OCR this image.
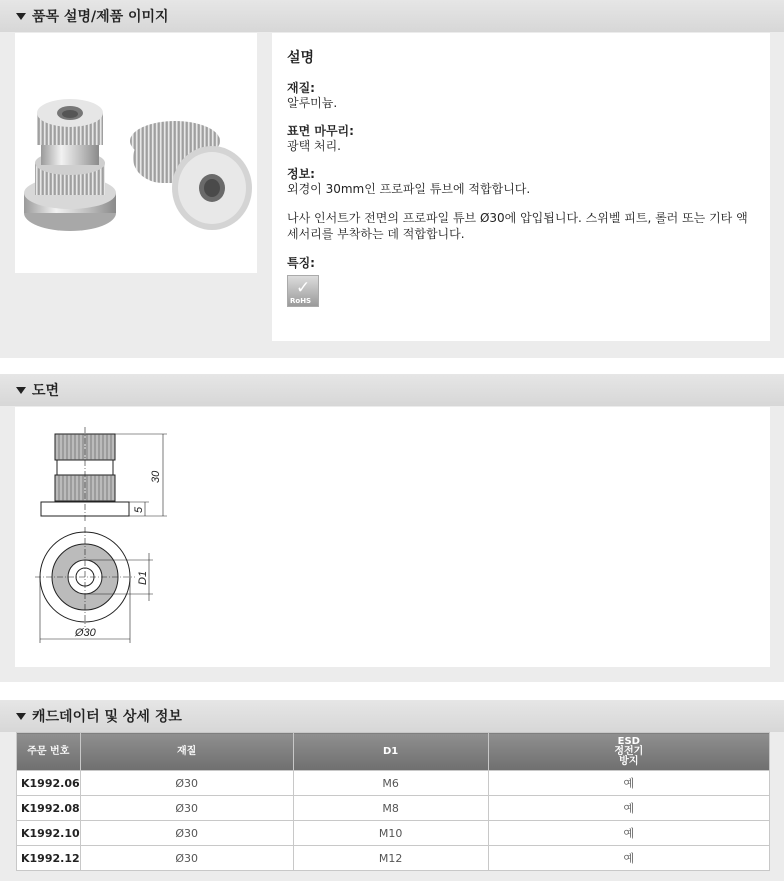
품목 설명/제품 이미지
설명
재질:
알루미늄.
표면 마무리:
광택 처리.
정보:
외경이 30mm인 프로파일 튜브에 적합합니다.
나사 인서트가 전면의 프로파일 튜브 Ø30에 압입됩니다. 스위벨 피트, 롤러 또는 기타 액세서리를 부착하는 데 적합합니다.
특징:
✓
RoHS
도면
30
5
D1
Ø30
캐드데이터 및 상세 정보
주문 번호	재질	D1	ESD
정전기
방지

K1992.06	Ø30	M6	예
K1992.08	Ø30	M8	예
K1992.10	Ø30	M10	예
K1992.12	Ø30	M12	예
